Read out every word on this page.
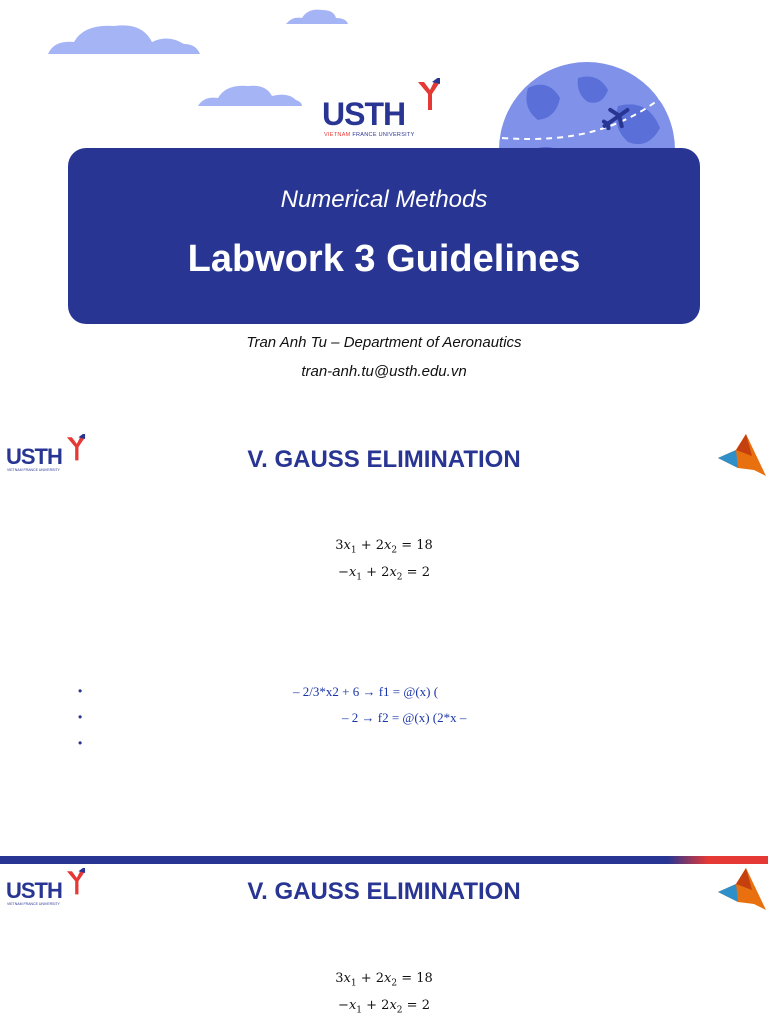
USTH
VIETNAM FRANCE UNIVERSITY
Numerical Methods
Labwork 3 Guidelines
Tran Anh Tu – Department of Aeronautics
tran-anh.tu@usth.edu.vn
USTH
VIETNAM FRANCE UNIVERSITY	V. GAUSS ELIMINATION
$3x_1 + 2x_2 = 18$
$-x_1 + 2x_2 = 2$
•	– 2/3*x2 + 6 → f1 = @(x) (
•	– 2 → f2 = @(x) (2*x –
•
USTH
VIETNAM FRANCE UNIVERSITY	V. GAUSS ELIMINATION
$3x_1 + 2x_2 = 18$
$-x_1 + 2x_2 = 2$
